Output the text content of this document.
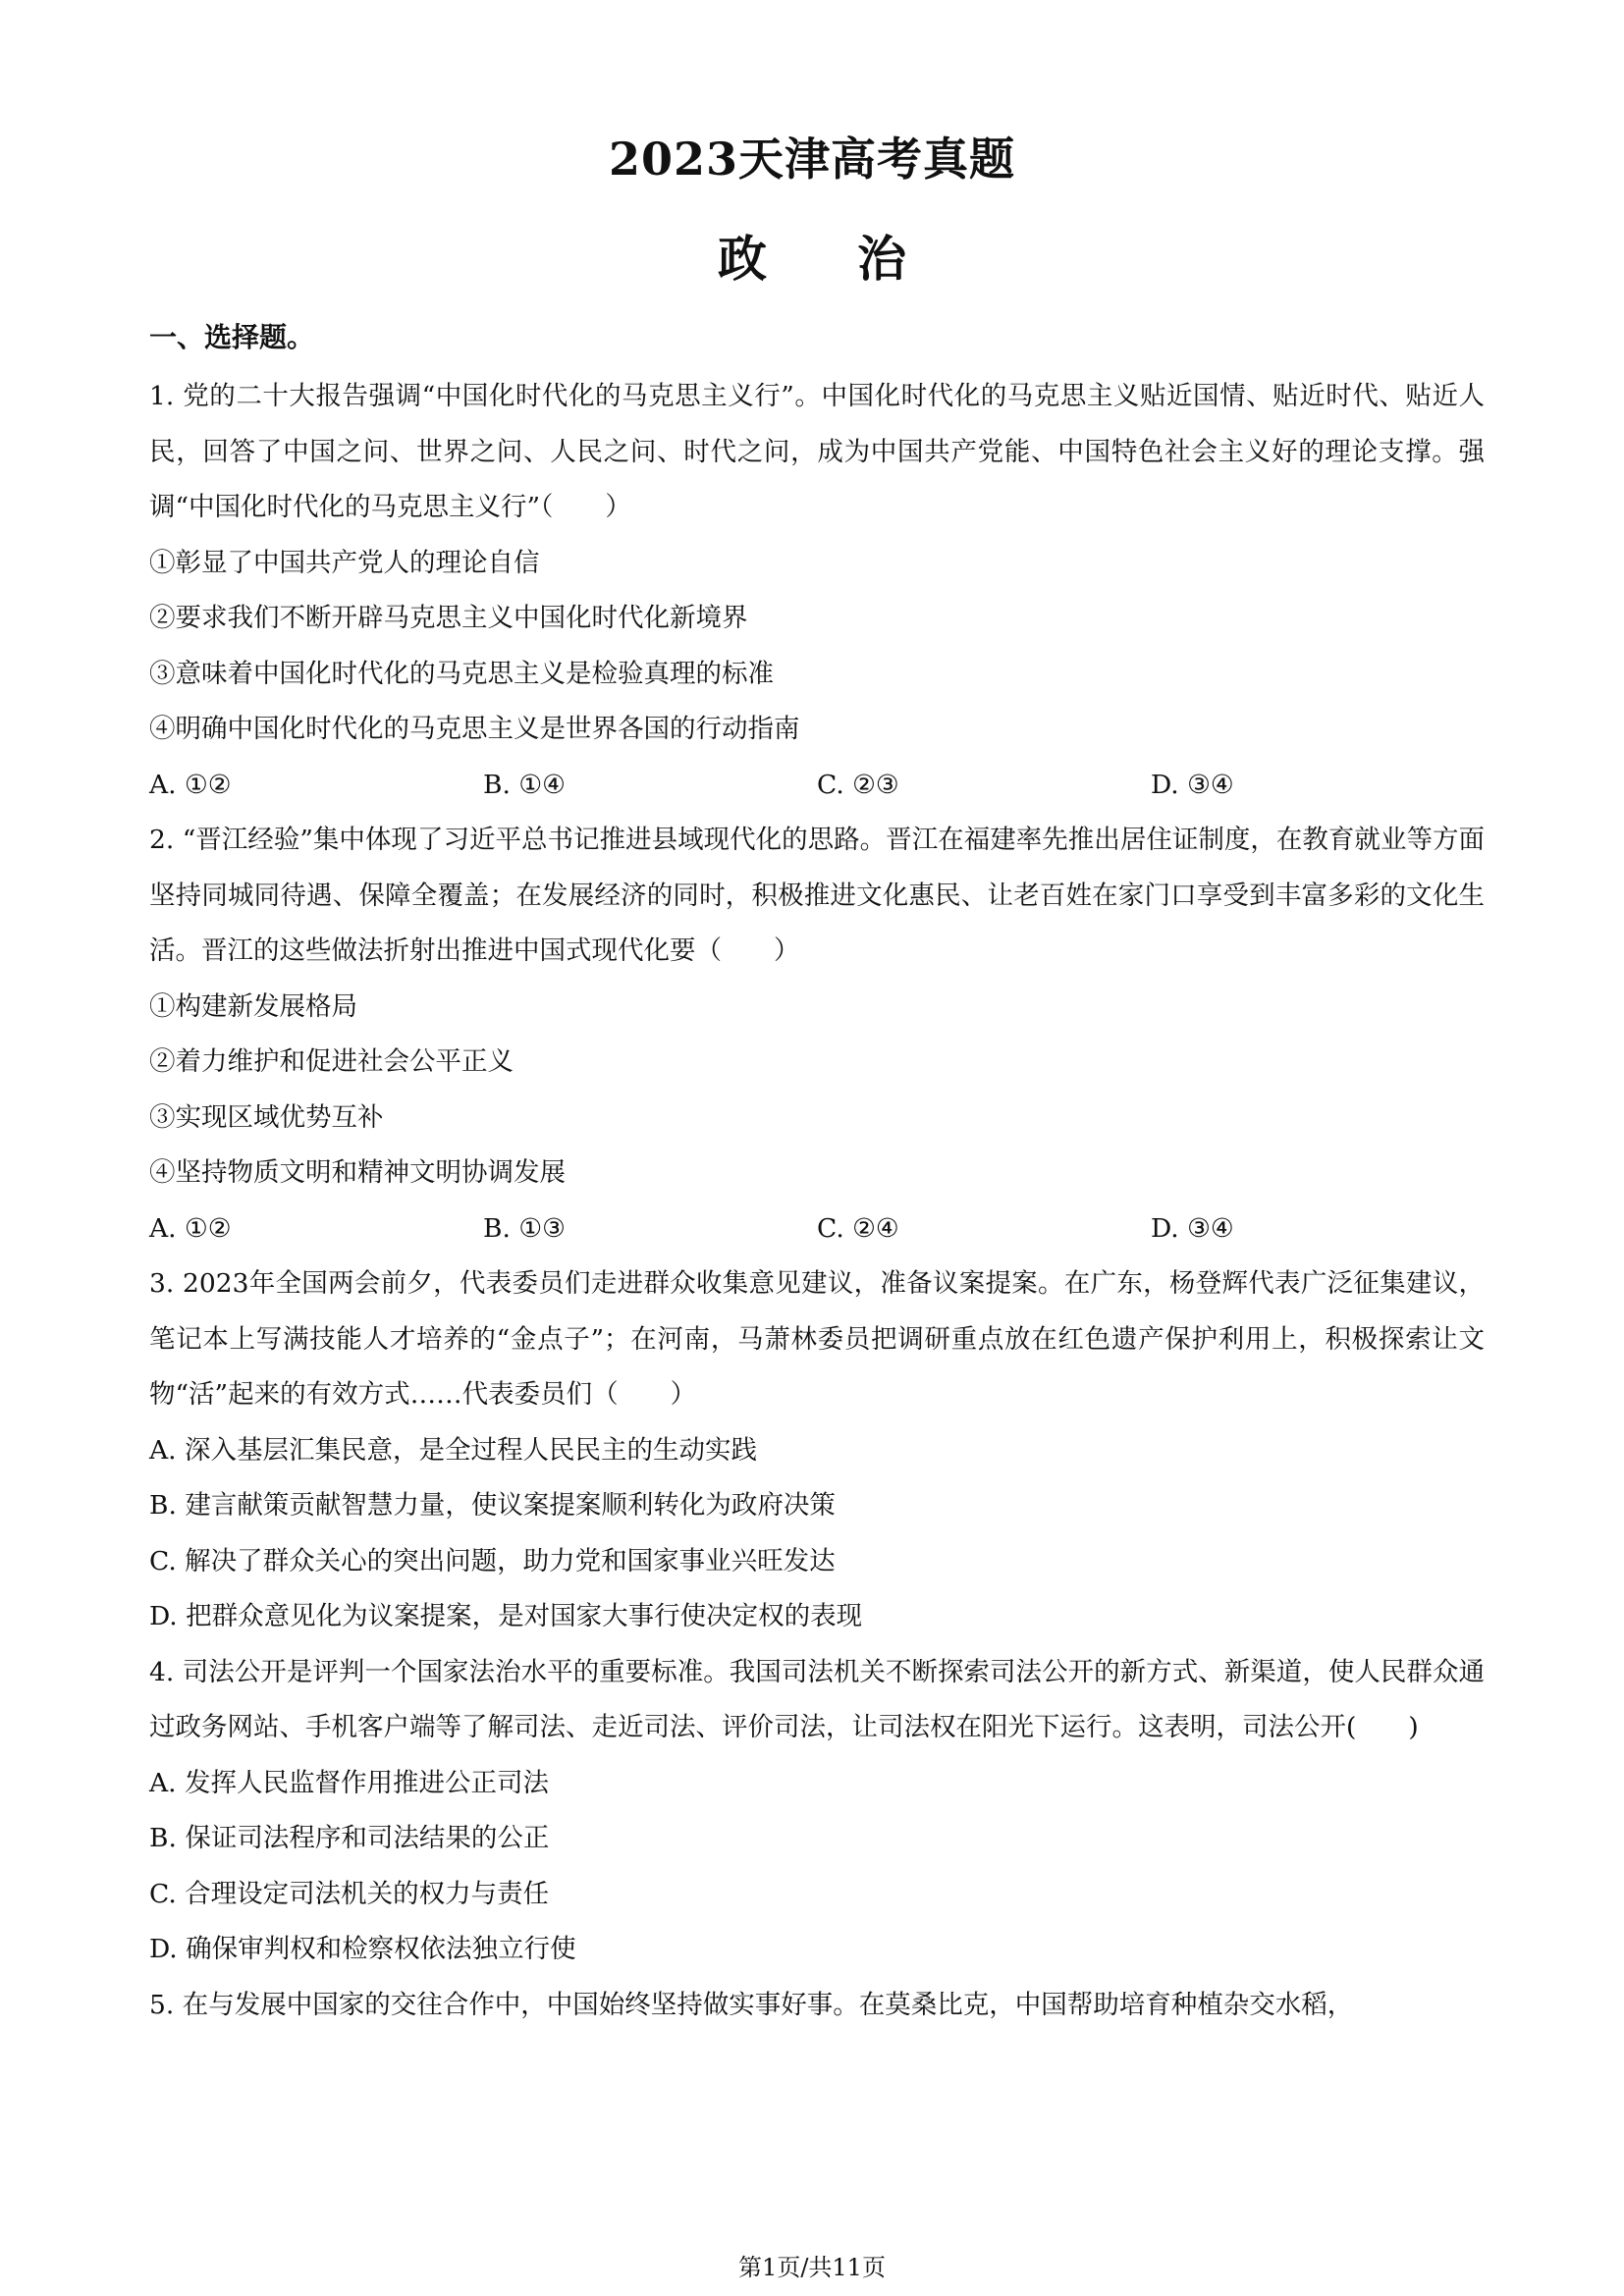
2023天津高考真题
政治
一、选择题。
1. 党的二十大报告强调“中国化时代化的马克思主义行”。中国化时代化的马克思主义贴近国情、贴近时代、贴近人民，回答了中国之问、世界之问、人民之问、时代之问，成为中国共产党能、中国特色社会主义好的理论支撑。强调“中国化时代化的马克思主义行”（　　）
①彰显了中国共产党人的理论自信
②要求我们不断开辟马克思主义中国化时代化新境界
③意味着中国化时代化的马克思主义是检验真理的标准
④明确中国化时代化的马克思主义是世界各国的行动指南
A. ①②	B. ①④	C. ②③	D. ③④
2. “晋江经验”集中体现了习近平总书记推进县域现代化的思路。晋江在福建率先推出居住证制度，在教育就业等方面坚持同城同待遇、保障全覆盖；在发展经济的同时，积极推进文化惠民、让老百姓在家门口享受到丰富多彩的文化生活。晋江的这些做法折射出推进中国式现代化要（　　）
①构建新发展格局
②着力维护和促进社会公平正义
③实现区域优势互补
④坚持物质文明和精神文明协调发展
A. ①②	B. ①③	C. ②④	D. ③④
3. 2023年全国两会前夕，代表委员们走进群众收集意见建议，准备议案提案。在广东，杨登辉代表广泛征集建议，笔记本上写满技能人才培养的“金点子”；在河南，马萧林委员把调研重点放在红色遗产保护利用上，积极探索让文物“活”起来的有效方式……代表委员们（　　）
A. 深入基层汇集民意，是全过程人民民主的生动实践
B. 建言献策贡献智慧力量，使议案提案顺利转化为政府决策
C. 解决了群众关心的突出问题，助力党和国家事业兴旺发达
D. 把群众意见化为议案提案，是对国家大事行使决定权的表现
4. 司法公开是评判一个国家法治水平的重要标准。我国司法机关不断探索司法公开的新方式、新渠道，使人民群众通过政务网站、手机客户端等了解司法、走近司法、评价司法，让司法权在阳光下运行。这表明，司法公开(　　)
A. 发挥人民监督作用推进公正司法
B. 保证司法程序和司法结果的公正
C. 合理设定司法机关的权力与责任
D. 确保审判权和检察权依法独立行使
5. 在与发展中国家的交往合作中，中国始终坚持做实事好事。在莫桑比克，中国帮助培育种植杂交水稻，
第1页/共11页
